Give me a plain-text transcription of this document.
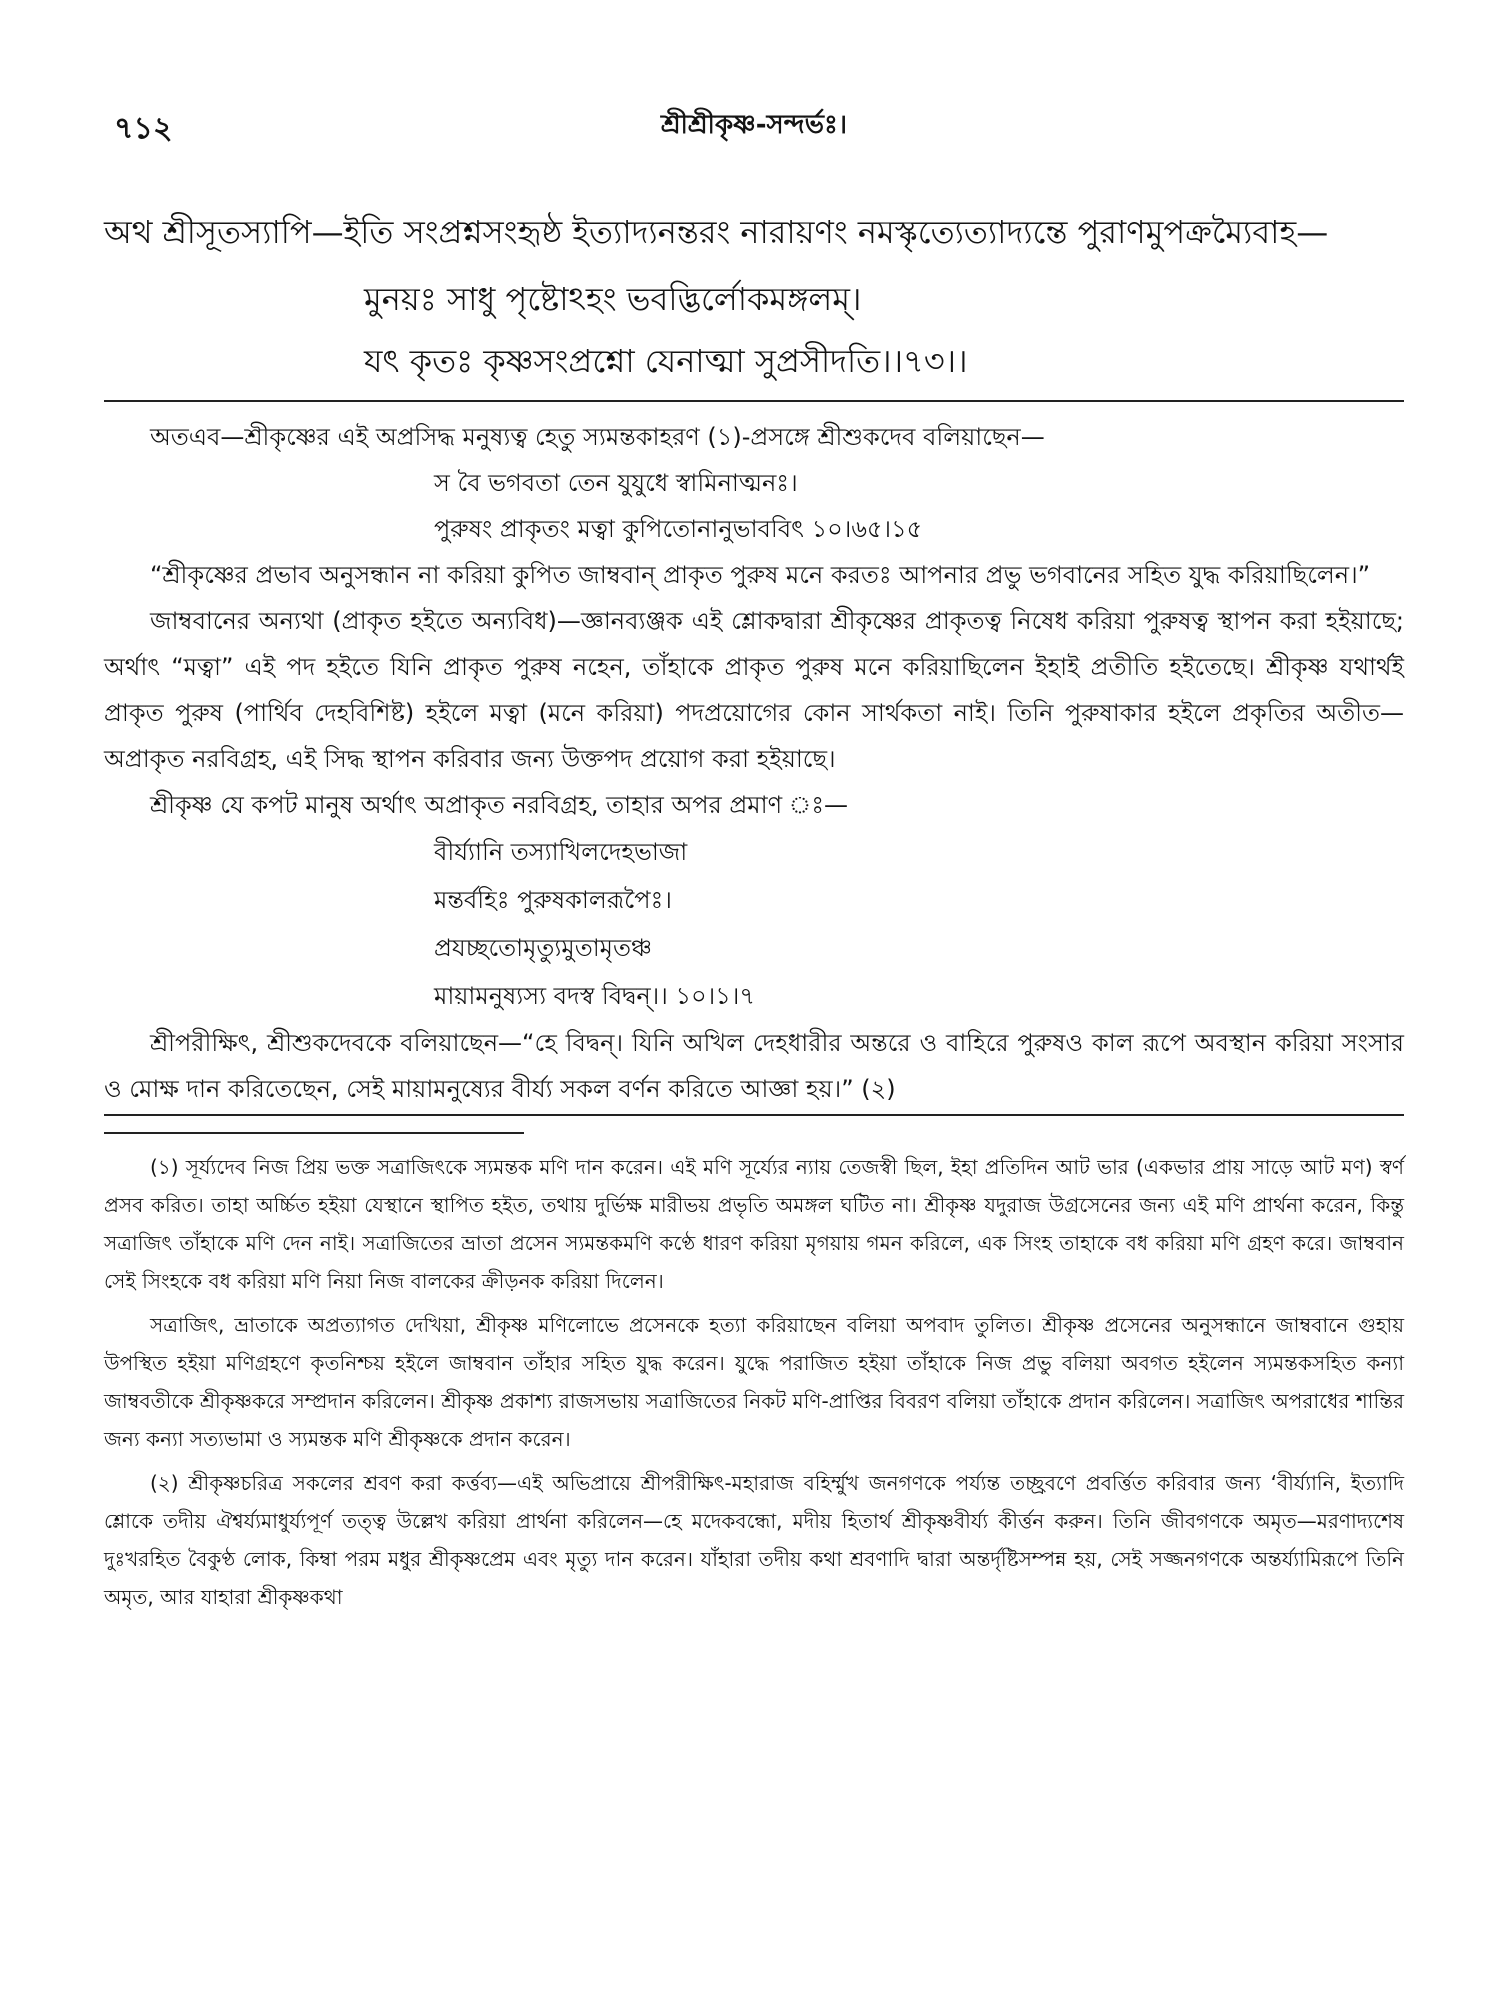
৭১২	শ্রীশ্রীকৃষ্ণ-সন্দর্ভঃ।

অথ শ্রীসূতস্যাপি—ইতি সংপ্রশ্নসংহৃষ্ঠ ইত্যাদ্যনন্তরং নারায়ণং নমস্কৃত্যেত্যাদ্যন্তে পুরাণমুপক্রম্যৈবাহ—

মুনয়ঃ সাধু পৃষ্টোঽহং ভবদ্ভির্লোকমঙ্গলম্।
যৎ কৃতঃ কৃষ্ণসংপ্রশ্নো যেনাত্মা সুপ্রসীদতি।।৭৩।।

অতএব—শ্রীকৃষ্ণের এই অপ্রসিদ্ধ মনুষ্যত্ব হেতু স্যমন্তকাহরণ (১)-প্রসঙ্গে শ্রীশুকদেব বলিয়াছেন—

স বৈ ভগবতা তেন যুযুধে স্বামিনাত্মনঃ।
পুরুষং প্রাকৃতং মত্বা কুপিতোনানুভাববিৎ ১০।৬৫।১৫

“শ্রীকৃষ্ণের প্রভাব অনুসন্ধান না করিয়া কুপিত জাম্ববান্ প্রাকৃত পুরুষ মনে করতঃ আপনার প্রভু ভগবানের সহিত যুদ্ধ করিয়াছিলেন।”

জাম্ববানের অন্যথা (প্রাকৃত হইতে অন্যবিধ)—জ্ঞানব্যঞ্জক এই শ্লোকদ্বারা শ্রীকৃষ্ণের প্রাকৃতত্ব নিষেধ করিয়া পুরুষত্ব স্থাপন করা হইয়াছে; অর্থাৎ “মত্বা” এই পদ হইতে যিনি প্রাকৃত পুরুষ নহেন, তাঁহাকে প্রাকৃত পুরুষ মনে করিয়াছিলেন ইহাই প্রতীতি হইতেছে। শ্রীকৃষ্ণ যথার্থই প্রাকৃত পুরুষ (পার্থিব দেহবিশিষ্ট) হইলে মত্বা (মনে করিয়া) পদপ্রয়োগের কোন সার্থকতা নাই। তিনি পুরুষাকার হইলে প্রকৃতির অতীত—অপ্রাকৃত নরবিগ্রহ, এই সিদ্ধ স্থাপন করিবার জন্য উক্তপদ প্রয়োগ করা হইয়াছে।

শ্রীকৃষ্ণ যে কপট মানুষ অর্থাৎ অপ্রাকৃত নরবিগ্রহ, তাহার অপর প্রমাণ ঃ—

বীর্য্যানি তস্যাখিলদেহভাজা
মন্তর্বহিঃ পুরুষকালরূপৈঃ।
প্রযচ্ছতোমৃত্যুমুতামৃতঞ্চ
মায়ামনুষ্যস্য বদস্ব বিদ্বন্।। ১০।১।৭

শ্রীপরীক্ষিৎ, শ্রীশুকদেবকে বলিয়াছেন—“হে বিদ্বন্। যিনি অখিল দেহধারীর অন্তরে ও বাহিরে পুরুষও কাল রূপে অবস্থান করিয়া সংসার ও মোক্ষ দান করিতেছেন, সেই মায়ামনুষ্যের বীর্য্য সকল বর্ণন করিতে আজ্ঞা হয়।” (২)

(১) সূর্য্যদেব নিজ প্রিয় ভক্ত সত্রাজিৎকে স্যমন্তক মণি দান করেন। এই মণি সূর্য্যের ন্যায় তেজস্বী ছিল, ইহা প্রতিদিন আট ভার (একভার প্রায় সাড়ে আট মণ) স্বর্ণ প্রসব করিত। তাহা অর্চ্চিত হইয়া যেস্থানে স্থাপিত হইত, তথায় দুর্ভিক্ষ মারীভয় প্রভৃতি অমঙ্গল ঘটিত না। শ্রীকৃষ্ণ যদুরাজ উগ্রসেনের জন্য এই মণি প্রার্থনা করেন, কিন্তু সত্রাজিৎ তাঁহাকে মণি দেন নাই। সত্রাজিতের ভ্রাতা প্রসেন স্যমন্তকমণি কণ্ঠে ধারণ করিয়া মৃগয়ায় গমন করিলে, এক সিংহ তাহাকে বধ করিয়া মণি গ্রহণ করে। জাম্ববান সেই সিংহকে বধ করিয়া মণি নিয়া নিজ বালকের ক্রীড়নক করিয়া দিলেন।

সত্রাজিৎ, ভ্রাতাকে অপ্রত্যাগত দেখিয়া, শ্রীকৃষ্ণ মণিলোভে প্রসেনকে হত্যা করিয়াছেন বলিয়া অপবাদ তুলিত। শ্রীকৃষ্ণ প্রসেনের অনুসন্ধানে জাম্ববানে গুহায় উপস্থিত হইয়া মণিগ্রহণে কৃতনিশ্চয় হইলে জাম্ববান তাঁহার সহিত যুদ্ধ করেন। যুদ্ধে পরাজিত হইয়া তাঁহাকে নিজ প্রভু বলিয়া অবগত হইলেন স্যমন্তকসহিত কন্যা জাম্ববতীকে শ্রীকৃষ্ণকরে সম্প্রদান করিলেন। শ্রীকৃষ্ণ প্রকাশ্য রাজসভায় সত্রাজিতের নিকট মণি-প্রাপ্তির বিবরণ বলিয়া তাঁহাকে প্রদান করিলেন। সত্রাজিৎ অপরাধের শান্তির জন্য কন্যা সত্যভামা ও স্যমন্তক মণি শ্রীকৃষ্ণকে প্রদান করেন।

(২) শ্রীকৃষ্ণচরিত্র সকলের শ্রবণ করা কর্ত্তব্য—এই অভিপ্রায়ে শ্রীপরীক্ষিৎ-মহারাজ বহির্ম্মুখ জনগণকে পর্য্যন্ত তচ্ছ্রবণে প্রবর্ত্তিত করিবার জন্য ‘বীর্য্যানি, ইত্যাদি শ্লোকে তদীয় ঐশ্বর্য্যমাধুর্য্যপূর্ণ তত্ত্ব উল্লেখ করিয়া প্রার্থনা করিলেন—হে মদেকবন্ধো, মদীয় হিতার্থ শ্রীকৃষ্ণবীর্য্য কীর্ত্তন করুন। তিনি জীবগণকে অমৃত—মরণাদ্যশেষ দুঃখরহিত বৈকুণ্ঠ লোক, কিম্বা পরম মধুর শ্রীকৃষ্ণপ্রেম এবং মৃত্যু দান করেন। যাঁহারা তদীয় কথা শ্রবণাদি দ্বারা অন্তর্দৃষ্টিসম্পন্ন হয়, সেই সজ্জনগণকে অন্তর্য্যামিরূপে তিনি অমৃত, আর যাহারা শ্রীকৃষ্ণকথা
